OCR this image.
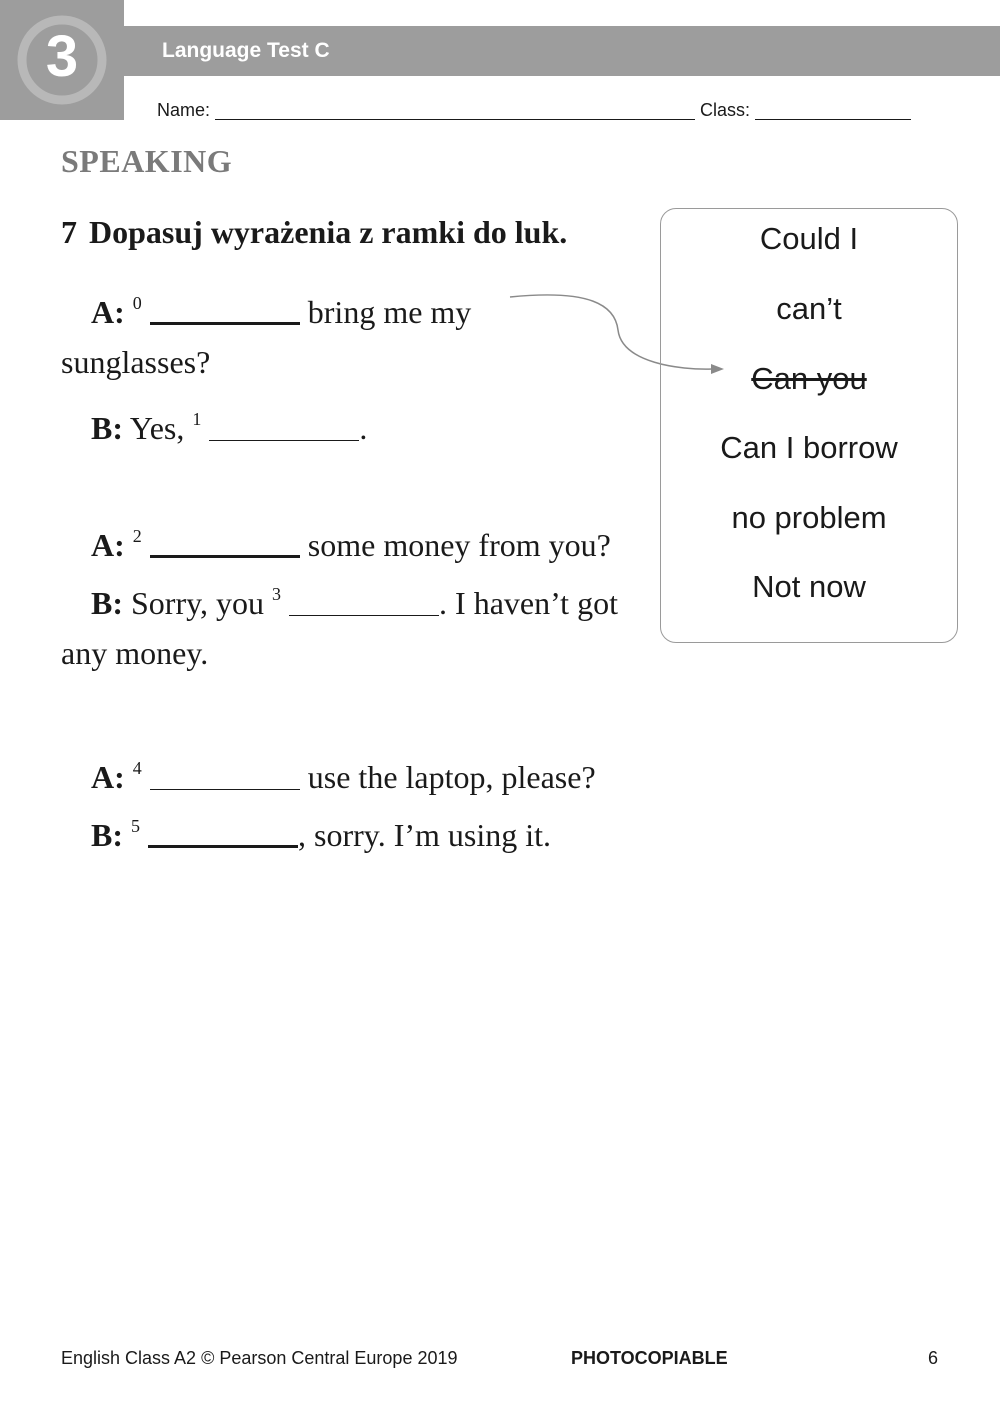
3	Language Test C
Name:	Class:
SPEAKING
7 Dopasuj wyrażenia z ramki do luk.
A: $^0$	bring me my
sunglasses?
B: Yes, $^1$	.
A: $^2$	some money from you?
B: Sorry, you $^3$	. I haven’t got
any money.
A: $^4$	use the laptop, please?
B: $^5$	, sorry. I’m using it.
Could I
can’t
Can you
Can I borrow
no problem
Not now
English Class A2 © Pearson Central Europe 2019	PHOTOCOPIABLE	6
